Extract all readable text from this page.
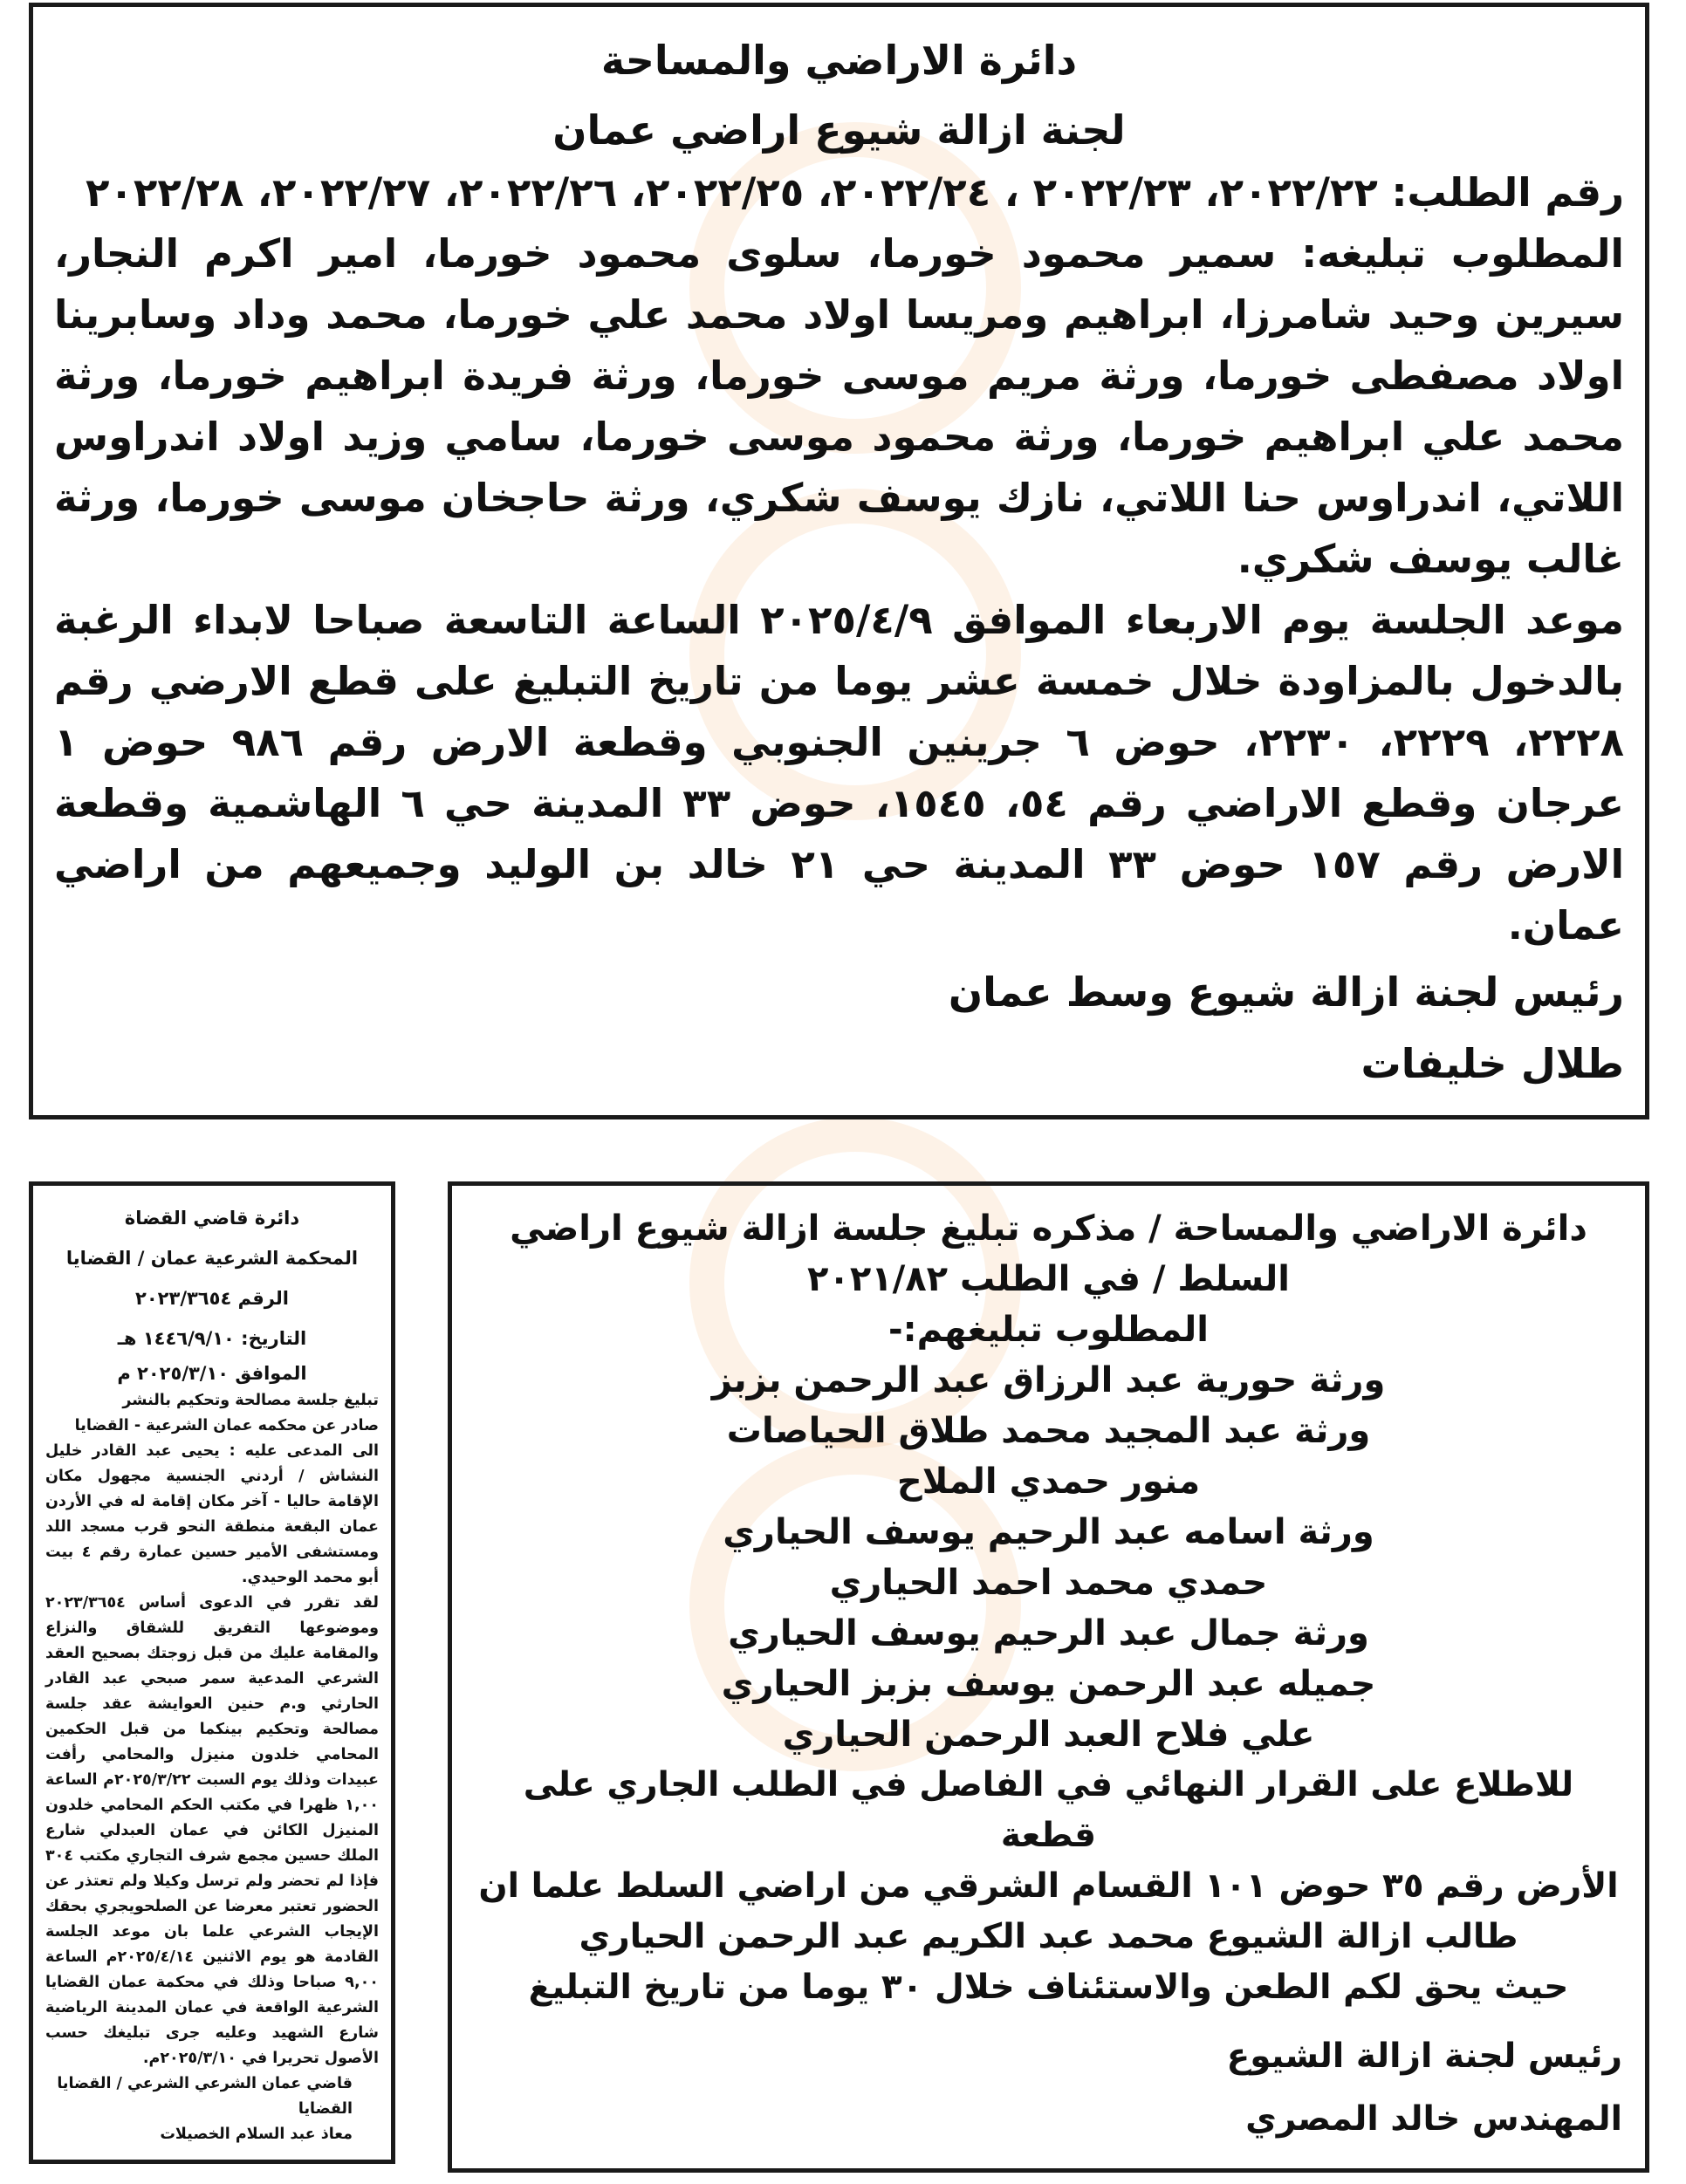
دائرة الاراضي والمساحة
لجنة ازالة شيوع اراضي عمان

رقم الطلب: ٢٠٢٢/٢٢، ٢٠٢٢/٢٣ ، ٢٠٢٢/٢٤، ٢٠٢٢/٢٥، ٢٠٢٢/٢٦، ٢٠٢٢/٢٧، ٢٠٢٢/٢٨

المطلوب تبليغه: سمير محمود خورما، سلوى محمود خورما، امير اكرم النجار، سيرين وحيد شامرزا، ابراهيم ومريسا اولاد محمد علي خورما، محمد وداد وسابرينا اولاد مصفطى خورما، ورثة مريم موسى خورما، ورثة فريدة ابراهيم خورما، ورثة محمد علي ابراهيم خورما، ورثة محمود موسى خورما، سامي وزيد اولاد اندراوس اللاتي، اندراوس حنا اللاتي، نازك يوسف شكري، ورثة حاجخان موسى خورما، ورثة غالب يوسف شكري.

موعد الجلسة يوم الاربعاء الموافق ٢٠٢٥/٤/٩ الساعة التاسعة صباحا لابداء الرغبة بالدخول بالمزاودة خلال خمسة عشر يوما من تاريخ التبليغ على قطع الارضي رقم ٢٢٢٨، ٢٢٢٩، ٢٢٣٠، حوض ٦ جرينين الجنوبي وقطعة الارض رقم ٩٨٦ حوض ١ عرجان وقطع الاراضي رقم ٥٤، ١٥٤٥، حوض ٣٣ المدينة حي ٦ الهاشمية وقطعة الارض رقم ١٥٧ حوض ٣٣ المدينة حي ٢١ خالد بن الوليد وجميعهم من اراضي عمان.

رئيس لجنة ازالة شيوع وسط عمان

طلال خليفات

دائرة قاضي القضاة
المحكمة الشرعية عمان / القضايا
الرقم ٢٠٢٣/٣٦٥٤
التاريخ: ١٤٤٦/٩/١٠ هـ
الموافق ٢٠٢٥/٣/١٠ م

تبليغ جلسة مصالحة وتحكيم بالنشر

صادر عن محكمه عمان الشرعية - القضايا

الى المدعى عليه : يحيى عبد القادر خليل النشاش / أردني الجنسية مجهول مكان الإقامة حاليا - آخر مكان إقامة له في الأردن عمان البقعة منطقة النحو قرب مسجد اللد ومستشفى الأمير حسين عمارة رقم ٤ بيت أبو محمد الوحيدي.

لقد تقرر في الدعوى أساس ٢٠٢٣/٣٦٥٤ وموضوعها التفريق للشقاق والنزاع والمقامة عليك من قبل زوجتك بصحيح العقد الشرعي المدعية سمر صبحي عبد القادر الحارثي و.م حنين العوايشة عقد جلسة مصالحة وتحكيم بينكما من قبل الحكمين المحامي خلدون منيزل والمحامي رأفت عبيدات وذلك يوم السبت ٢٠٢٥/٣/٢٢م الساعة ١,٠٠ ظهرا في مكتب الحكم المحامي خلدون المنيزل الكائن في عمان العبدلي شارع الملك حسين مجمع شرف التجاري مكتب ٣٠٤ فإذا لم تحضر ولم ترسل وكيلا ولم تعتذر عن الحضور تعتبر معرضا عن الصلحويجري بحقك الإيجاب الشرعي علما بان موعد الجلسة القادمة هو يوم الاثنين ٢٠٢٥/٤/١٤م الساعة ٩,٠٠ صباحا وذلك في محكمة عمان القضايا الشرعية الواقعة في عمان المدينة الرياضية شارع الشهيد وعليه جرى تبليغك حسب الأصول تحريرا في ٢٠٢٥/٣/١٠م.

قاضي عمان الشرعي الشرعي / القضايا القضايا

معاذ عبد السلام الخصيلات

دائرة الاراضي والمساحة / مذكره تبليغ جلسة ازالة شيوع اراضي

السلط / في الطلب ٢٠٢١/٨٢

المطلوب تبليغهم:-

ورثة حورية عبد الرزاق عبد الرحمن بزبز

ورثة عبد المجيد محمد طلاق الحياصات

منور حمدي الملاح

ورثة اسامه عبد الرحيم يوسف الحياري

حمدي محمد احمد الحياري

ورثة جمال عبد الرحيم يوسف الحياري

جميله عبد الرحمن يوسف بزبز الحياري

علي فلاح العبد الرحمن الحياري

للاطلاع على القرار النهائي في الفاصل في الطلب الجاري على قطعة

الأرض رقم ٣٥ حوض ١٠١ القسام الشرقي من اراضي السلط علما ان

طالب ازالة الشيوع محمد عبد الكريم عبد الرحمن الحياري

حيث يحق لكم الطعن والاستئناف خلال ٣٠ يوما من تاريخ التبليغ

رئيس لجنة ازالة الشيوع

المهندس خالد المصري
